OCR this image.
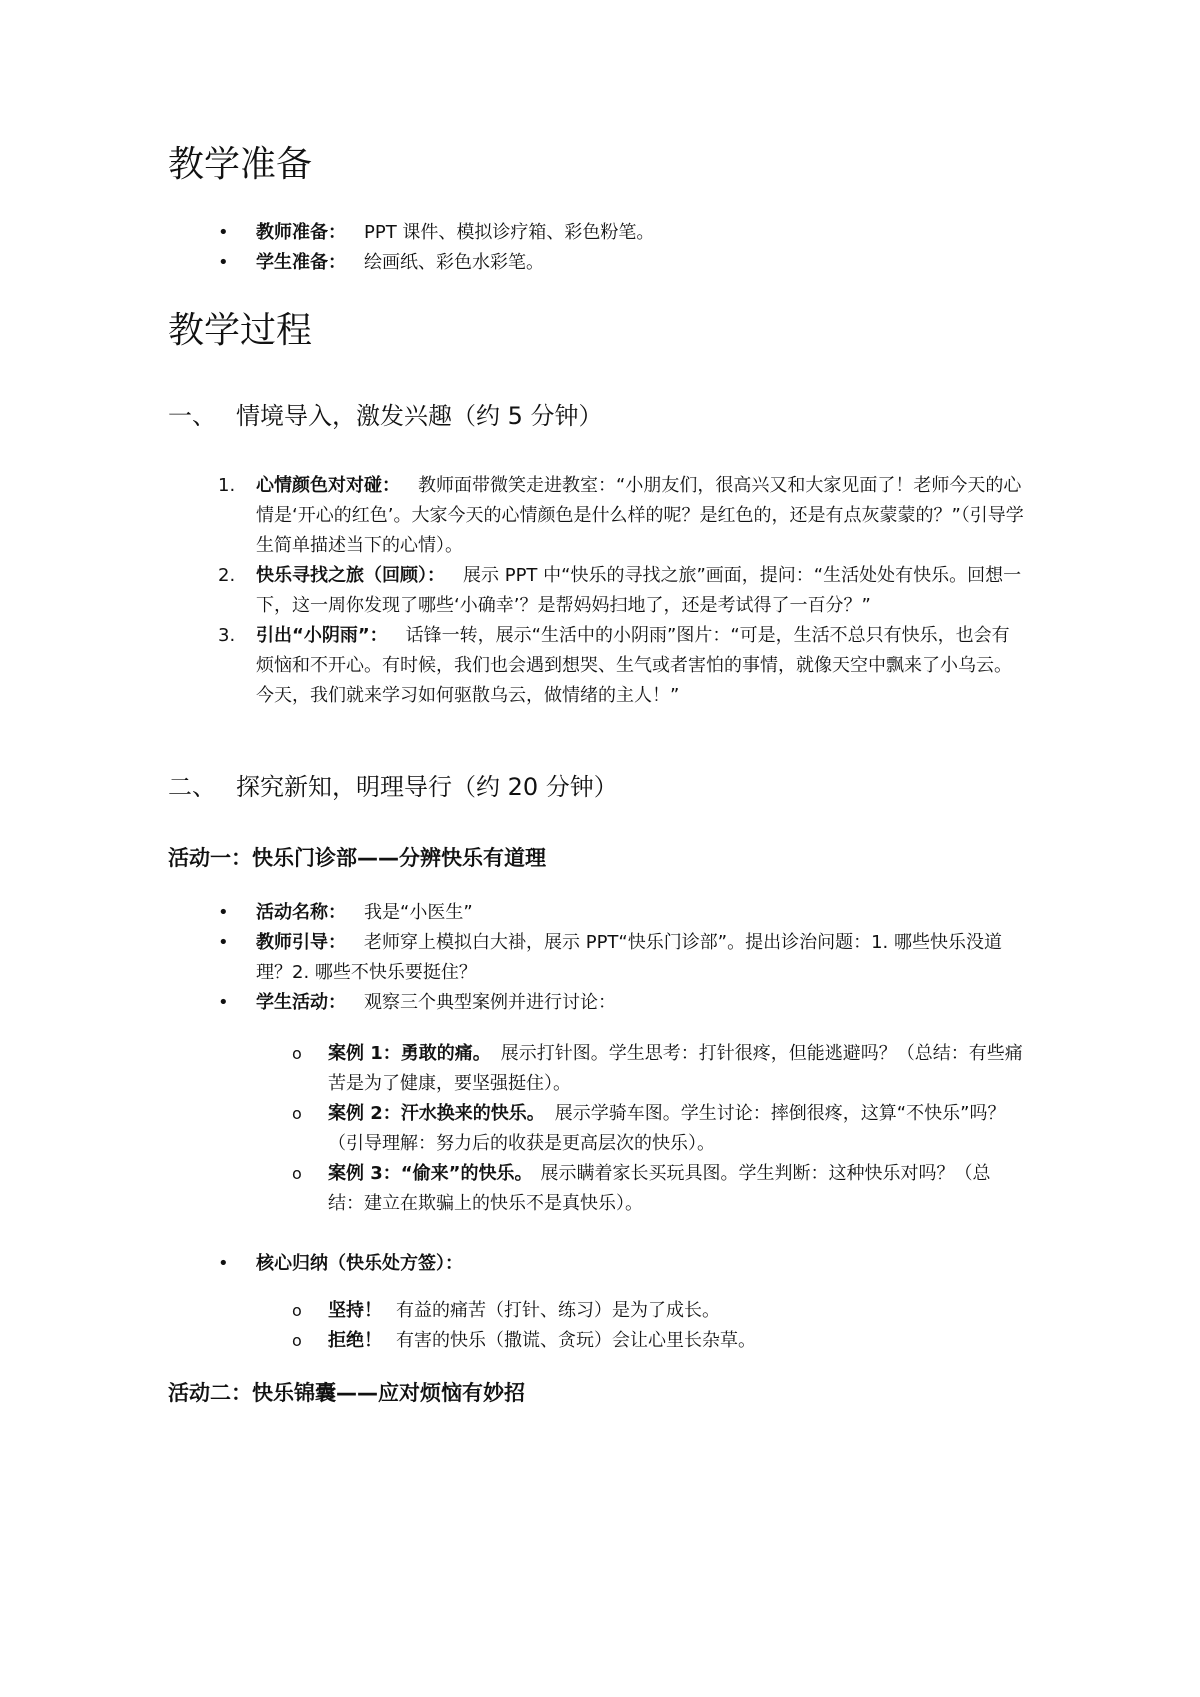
教学准备
• 教师准备： PPT 课件、模拟诊疗箱、彩色粉笔。
• 学生准备： 绘画纸、彩色水彩笔。
教学过程
一、 情境导入，激发兴趣（约 5 分钟）
1. 心情颜色对对碰： 教师面带微笑走进教室：“小朋友们，很高兴又和大家见面了！老师今天的心情是‘开心的红色’。大家今天的心情颜色是什么样的呢？是红色的，还是有点灰蒙蒙的？”（引导学生简单描述当下的心情）。
2. 快乐寻找之旅（回顾）： 展示 PPT 中“快乐的寻找之旅”画面，提问：“生活处处有快乐。回想一下，这一周你发现了哪些‘小确幸’？是帮妈妈扫地了，还是考试得了一百分？”
3. 引出“小阴雨”： 话锋一转，展示“生活中的小阴雨”图片：“可是，生活不总只有快乐，也会有烦恼和不开心。有时候，我们也会遇到想哭、生气或者害怕的事情，就像天空中飘来了小乌云。今天，我们就来学习如何驱散乌云，做情绪的主人！”
二、 探究新知，明理导行（约 20 分钟）
活动一：快乐门诊部——分辨快乐有道理
• 活动名称： 我是“小医生”
• 教师引导： 老师穿上模拟白大褂，展示 PPT“快乐门诊部”。提出诊治问题：1. 哪些快乐没道理？2. 哪些不快乐要挺住？
• 学生活动： 观察三个典型案例并进行讨论：
o 案例 1：勇敢的痛。 展示打针图。学生思考：打针很疼，但能逃避吗？（总结：有些痛苦是为了健康，要坚强挺住）。
o 案例 2：汗水换来的快乐。 展示学骑车图。学生讨论：摔倒很疼，这算“不快乐”吗？（引导理解：努力后的收获是更高层次的快乐）。
o 案例 3：“偷来”的快乐。 展示瞒着家长买玩具图。学生判断：这种快乐对吗？（总结：建立在欺骗上的快乐不是真快乐）。
• 核心归纳（快乐处方签）：
o 坚持！ 有益的痛苦（打针、练习）是为了成长。
o 拒绝！ 有害的快乐（撒谎、贪玩）会让心里长杂草。
活动二：快乐锦囊——应对烦恼有妙招
